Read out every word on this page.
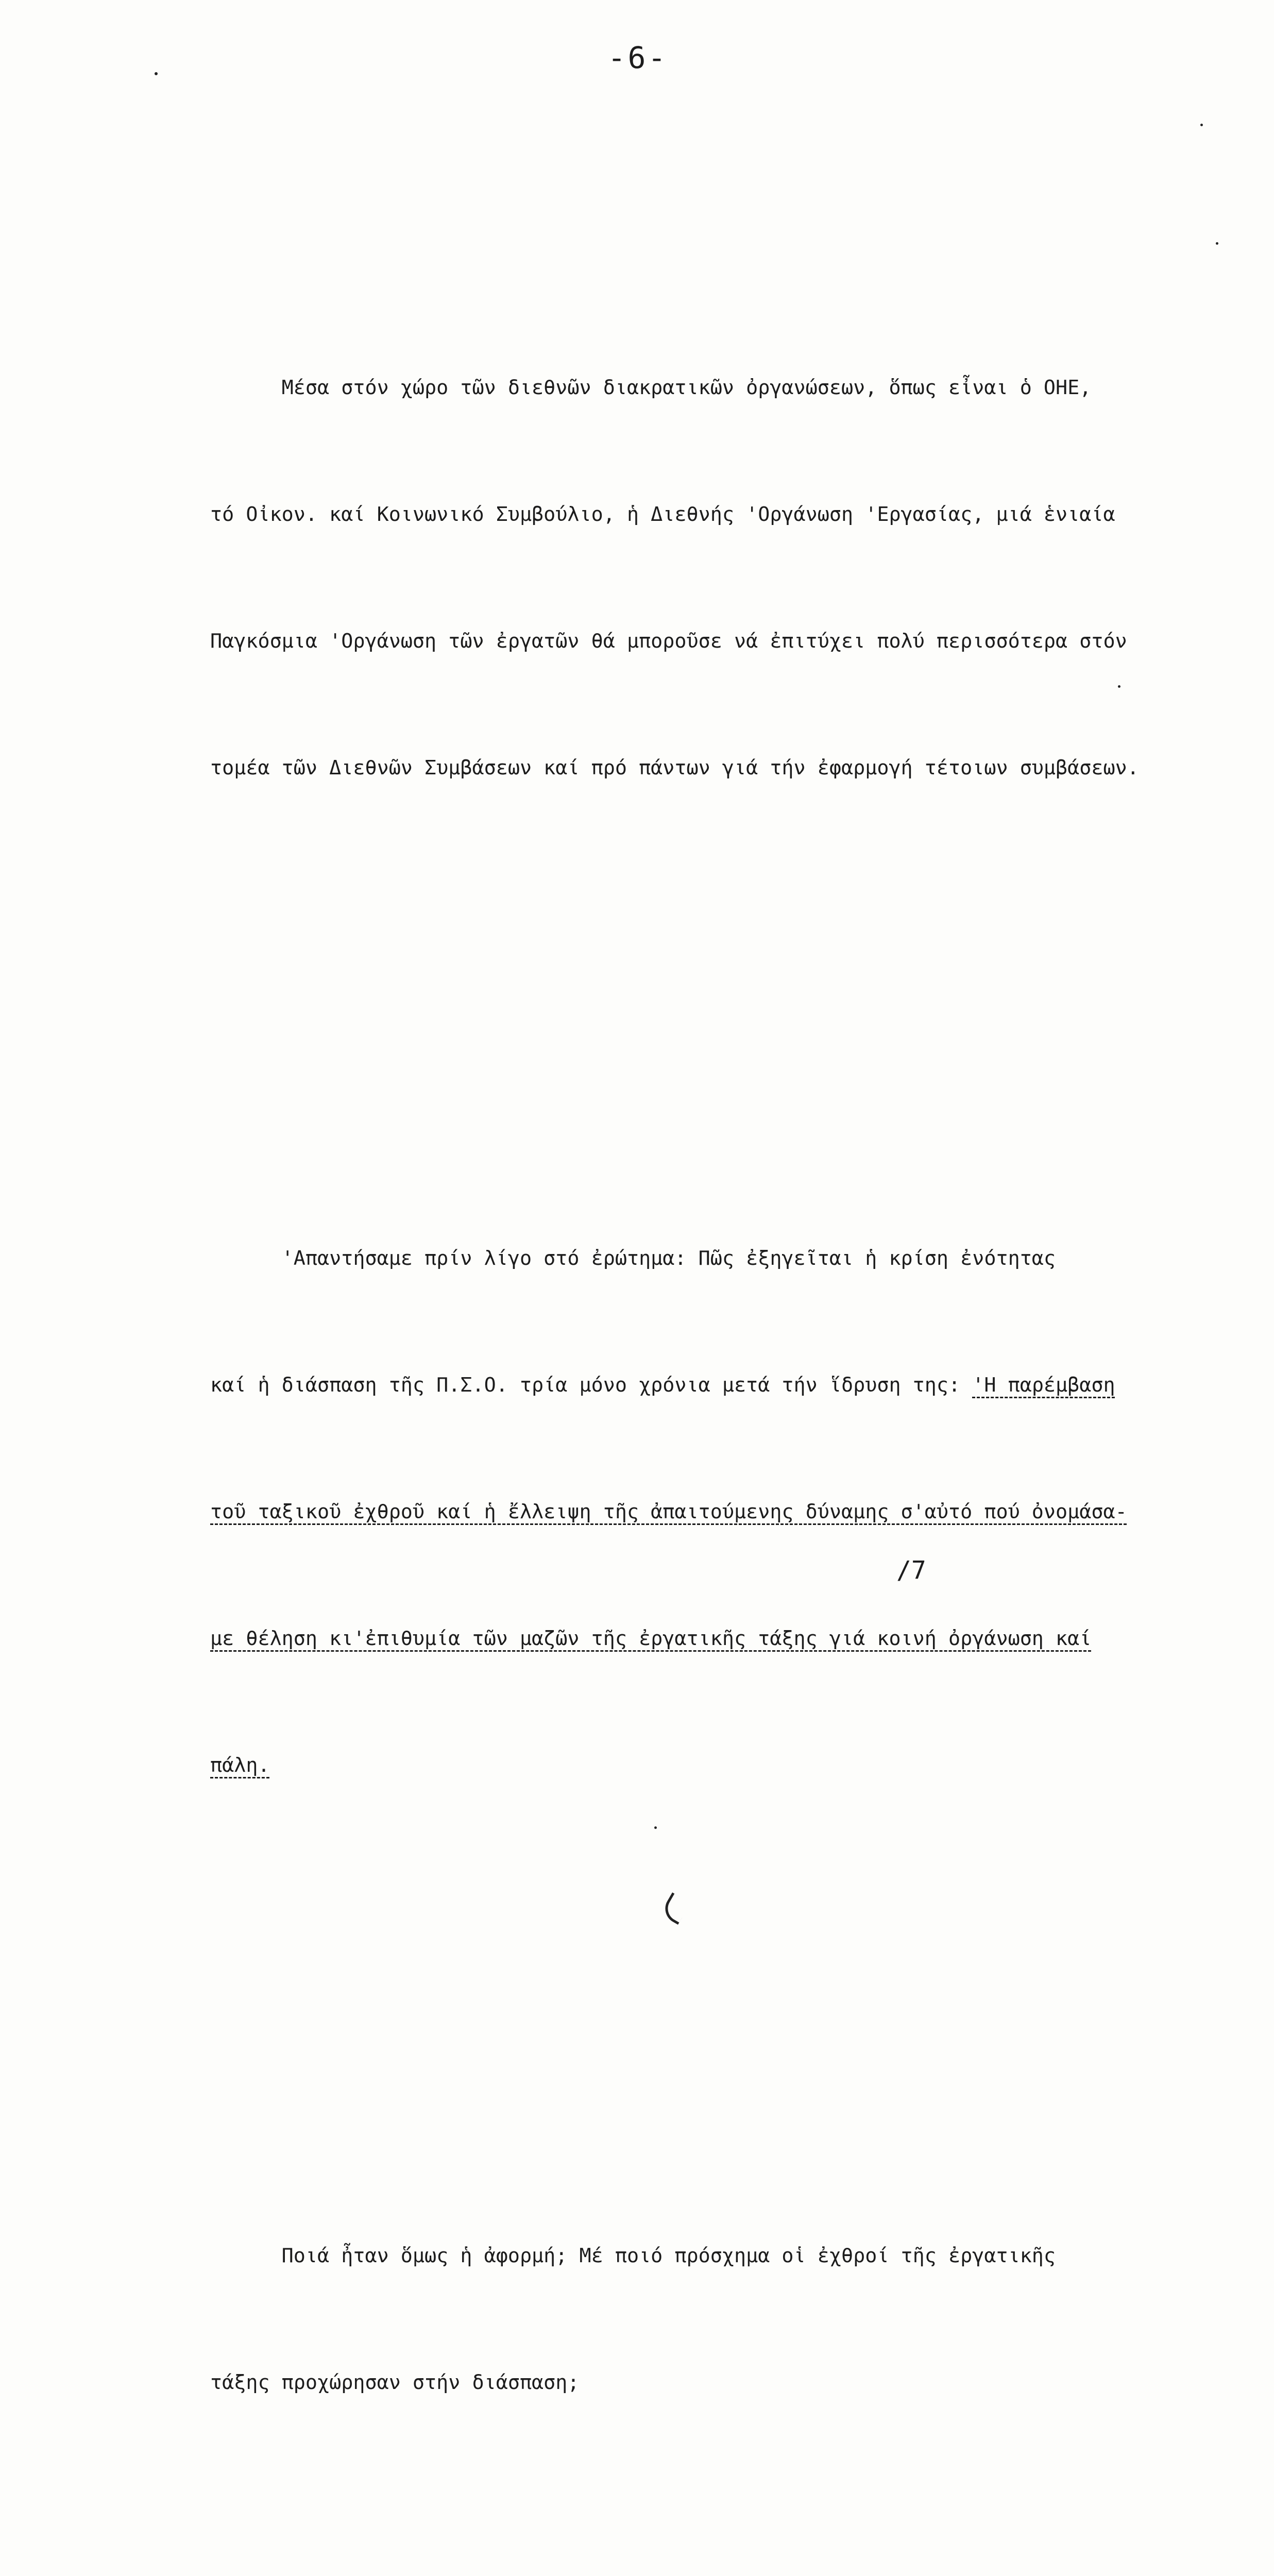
-6-

Μέσα στόν χώρο τῶν διεθνῶν διακρατικῶν ὀργανώσεων, ὅπως εἶναι ὁ ΟΗΕ,

τό Οἰκον. καί Κοινωνικό Συμβούλιο, ἡ Διεθνής 'Οργάνωση 'Εργασίας, μιά ἑνιαία

Παγκόσμια 'Οργάνωση τῶν ἐργατῶν θά μποροῦσε νά ἐπιτύχει πολύ περισσότερα στόν

τομέα τῶν Διεθνῶν Συμβάσεων καί πρό πάντων γιά τήν ἐφαρμογή τέτοιων συμβάσεων.

'Απαντήσαμε πρίν λίγο στό ἐρώτημα: Πῶς ἐξηγεῖται ἡ κρίση ἐνότητας

καί ἡ διάσπαση τῆς Π.Σ.Ο. τρία μόνο χρόνια μετά τήν ἵδρυση της: 'Η παρέμβαση

τοῦ ταξικοῦ ἐχθροῦ καί ἡ ἔλλειψη τῆς ἀπαιτούμενης δύναμης σ'αὐτό πού ὀνομάσα-

με θέληση κι'ἐπιθυμία τῶν μαζῶν τῆς ἐργατικῆς τάξης γιά κοινή ὀργάνωση καί

πάλη.

Ποιά ἦταν ὅμως ἡ ἀφορμή; Μέ ποιό πρόσχημα οἱ ἐχθροί τῆς ἐργατικῆς

τάξης προχώρησαν στήν διάσπαση;

/7
